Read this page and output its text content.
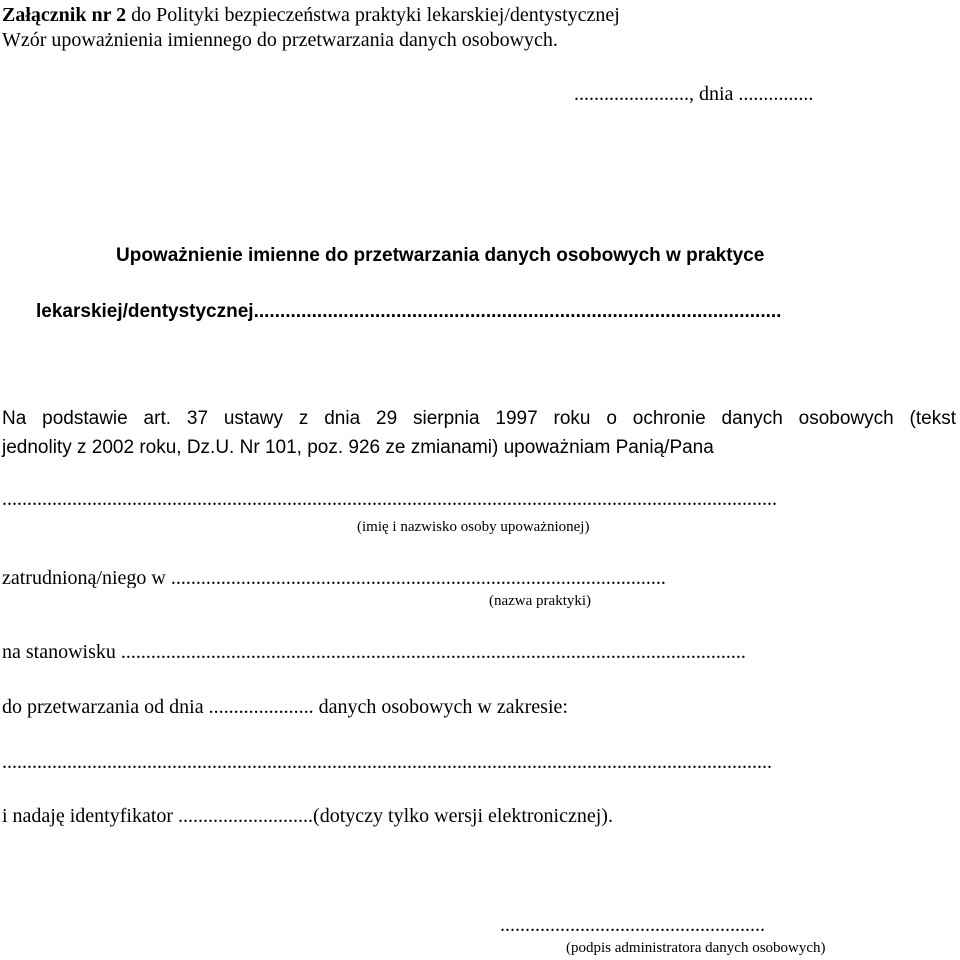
Załącznik nr 2 do Polityki bezpieczeństwa praktyki lekarskiej/dentystycznej
Wzór upoważnienia imiennego do przetwarzania danych osobowych.
......................., dnia ...............
Upoważnienie imienne do przetwarzania danych osobowych w praktyce
lekarskiej/dentystycznej....................................................................................................
Na podstawie art. 37 ustawy z dnia 29 sierpnia 1997 roku o ochronie danych osobowych (tekst
jednolity z 2002 roku, Dz.U. Nr 101, poz. 926 ze zmianami) upoważniam Panią/Pana
...........................................................................................................................................................
(imię i nazwisko osoby upoważnionej)
zatrudnioną/niego w ...................................................................................................
(nazwa praktyki)
na stanowisku .............................................................................................................................
do przetwarzania od dnia ..................... danych osobowych w zakresie:
..........................................................................................................................................................
i nadaję identyfikator ...........................(dotyczy tylko wersji elektronicznej).
.....................................................
(podpis administratora danych osobowych)
